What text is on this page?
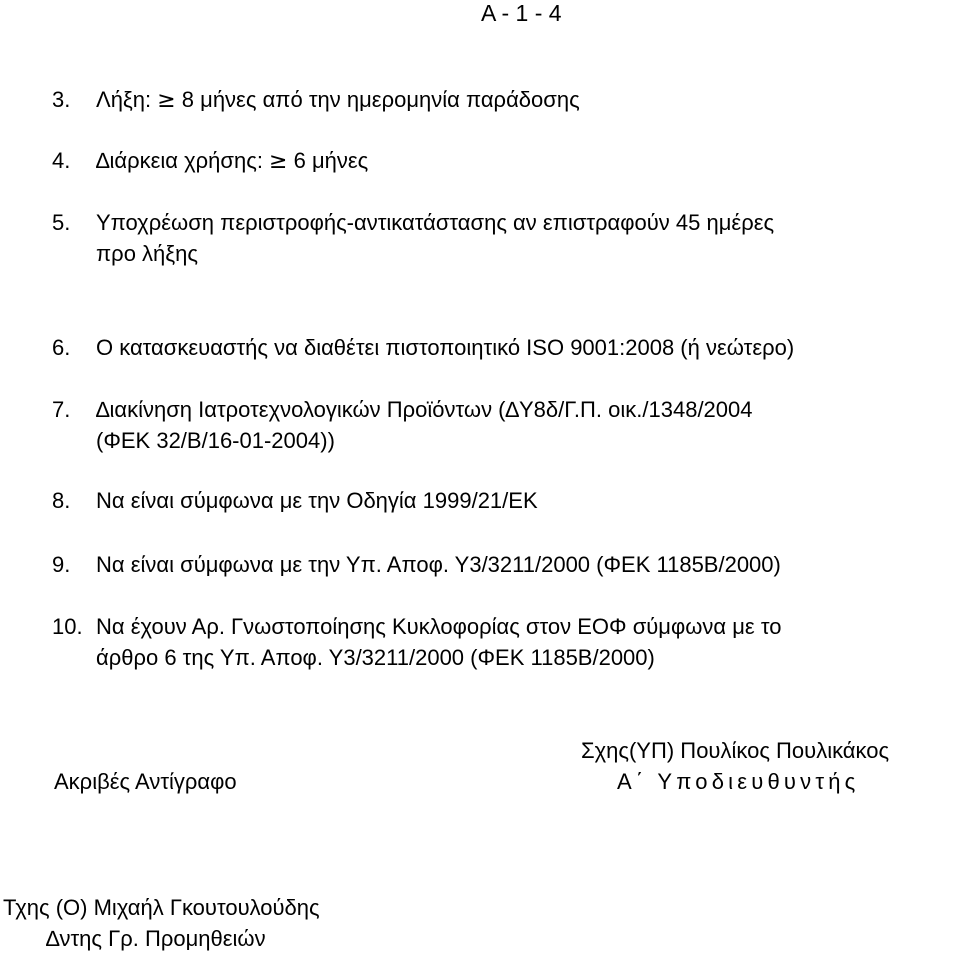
Α - 1 - 4
3. Λήξη: ≥ 8 μήνες από την ημερομηνία παράδοσης
4. ∆ιάρκεια χρήσης: ≥ 6 μήνες
5. Υποχρέωση περιστροφής-αντικατάστασης αν επιστραφούν 45 ημέρες
προ λήξης
6. Ο κατασκευαστής να διαθέτει πιστοποιητικό ISO 9001:2008 (ή νεώτερο)
7. ∆ιακίνηση Ιατροτεχνολογικών Προϊόντων (∆Υ8δ/Γ.Π. οικ./1348/2004
(ΦΕΚ 32/Β/16-01-2004))
8. Να είναι σύμφωνα με την Οδηγία 1999/21/ΕΚ
9. Να είναι σύμφωνα με την Υπ. Αποφ. Υ3/3211/2000 (ΦΕΚ 1185Β/2000)
10. Να έχουν Αρ. Γνωστοποίησης Κυκλοφορίας στον ΕΟΦ σύμφωνα με το
άρθρο 6 της Υπ. Αποφ. Υ3/3211/2000 (ΦΕΚ 1185Β/2000)
Σχης(ΥΠ) Πουλίκος Πουλικάκος
Ακριβές Αντίγραφο	Α΄ Υποδιευθυντής
Τχης (Ο) Μιχαήλ Γκουτουλούδης
∆ντης Γρ. Προμηθειών
